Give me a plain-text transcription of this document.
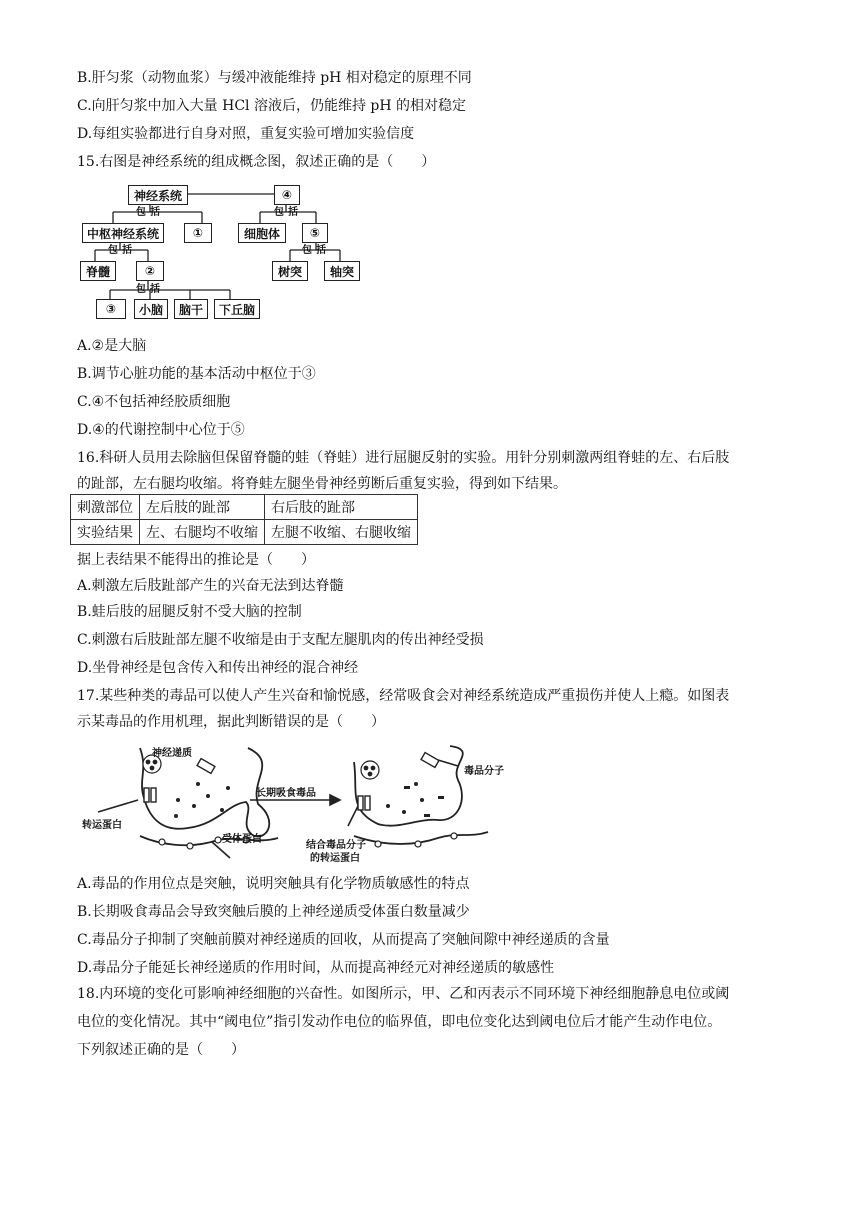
B.肝匀浆（动物血浆）与缓冲液能维持 pH 相对稳定的原理不同
C.向肝匀浆中加入大量 HCl 溶液后，仍能维持 pH 的相对稳定
D.每组实验都进行自身对照，重复实验可增加实验信度
15.右图是神经系统的组成概念图，叙述正确的是（　　）
神经系统	④
包括	包括
中枢神经系统	①	细胞体	⑤
包括	包括
脊髓	②	树突	轴突
包括
③	小脑	脑干	下丘脑
A.②是大脑
B.调节心脏功能的基本活动中枢位于③
C.④不包括神经胶质细胞
D.④的代谢控制中心位于⑤
16.科研人员用去除脑但保留脊髓的蛙（脊蛙）进行屈腿反射的实验。用针分别刺激两组脊蛙的左、右后肢
的趾部，左右腿均收缩。将脊蛙左腿坐骨神经剪断后重复实验，得到如下结果。
刺激部位	左后肢的趾部	右后肢的趾部
实验结果	左、右腿均不收缩	左腿不收缩、右腿收缩
据上表结果不能得出的推论是（　　）
A.刺激左后肢趾部产生的兴奋无法到达脊髓
B.蛙后肢的屈腿反射不受大脑的控制
C.刺激右后肢趾部左腿不收缩是由于支配左腿肌肉的传出神经受损
D.坐骨神经是包含传入和传出神经的混合神经
17.某些种类的毒品可以使人产生兴奋和愉悦感，经常吸食会对神经系统造成严重损伤并使人上瘾。如图表
示某毒品的作用机理，据此判断错误的是（　　）
神经递质
长期吸食毒品
毒品分子
转运蛋白
受体蛋白
结合毒品分子
的转运蛋白
A.毒品的作用位点是突触，说明突触具有化学物质敏感性的特点
B.长期吸食毒品会导致突触后膜的上神经递质受体蛋白数量减少
C.毒品分子抑制了突触前膜对神经递质的回收，从而提高了突触间隙中神经递质的含量
D.毒品分子能延长神经递质的作用时间，从而提高神经元对神经递质的敏感性
18.内环境的变化可影响神经细胞的兴奋性。如图所示，甲、乙和丙表示不同环境下神经细胞静息电位或阈
电位的变化情况。其中“阈电位”指引发动作电位的临界值，即电位变化达到阈电位后才能产生动作电位。
下列叙述正确的是（　　）
